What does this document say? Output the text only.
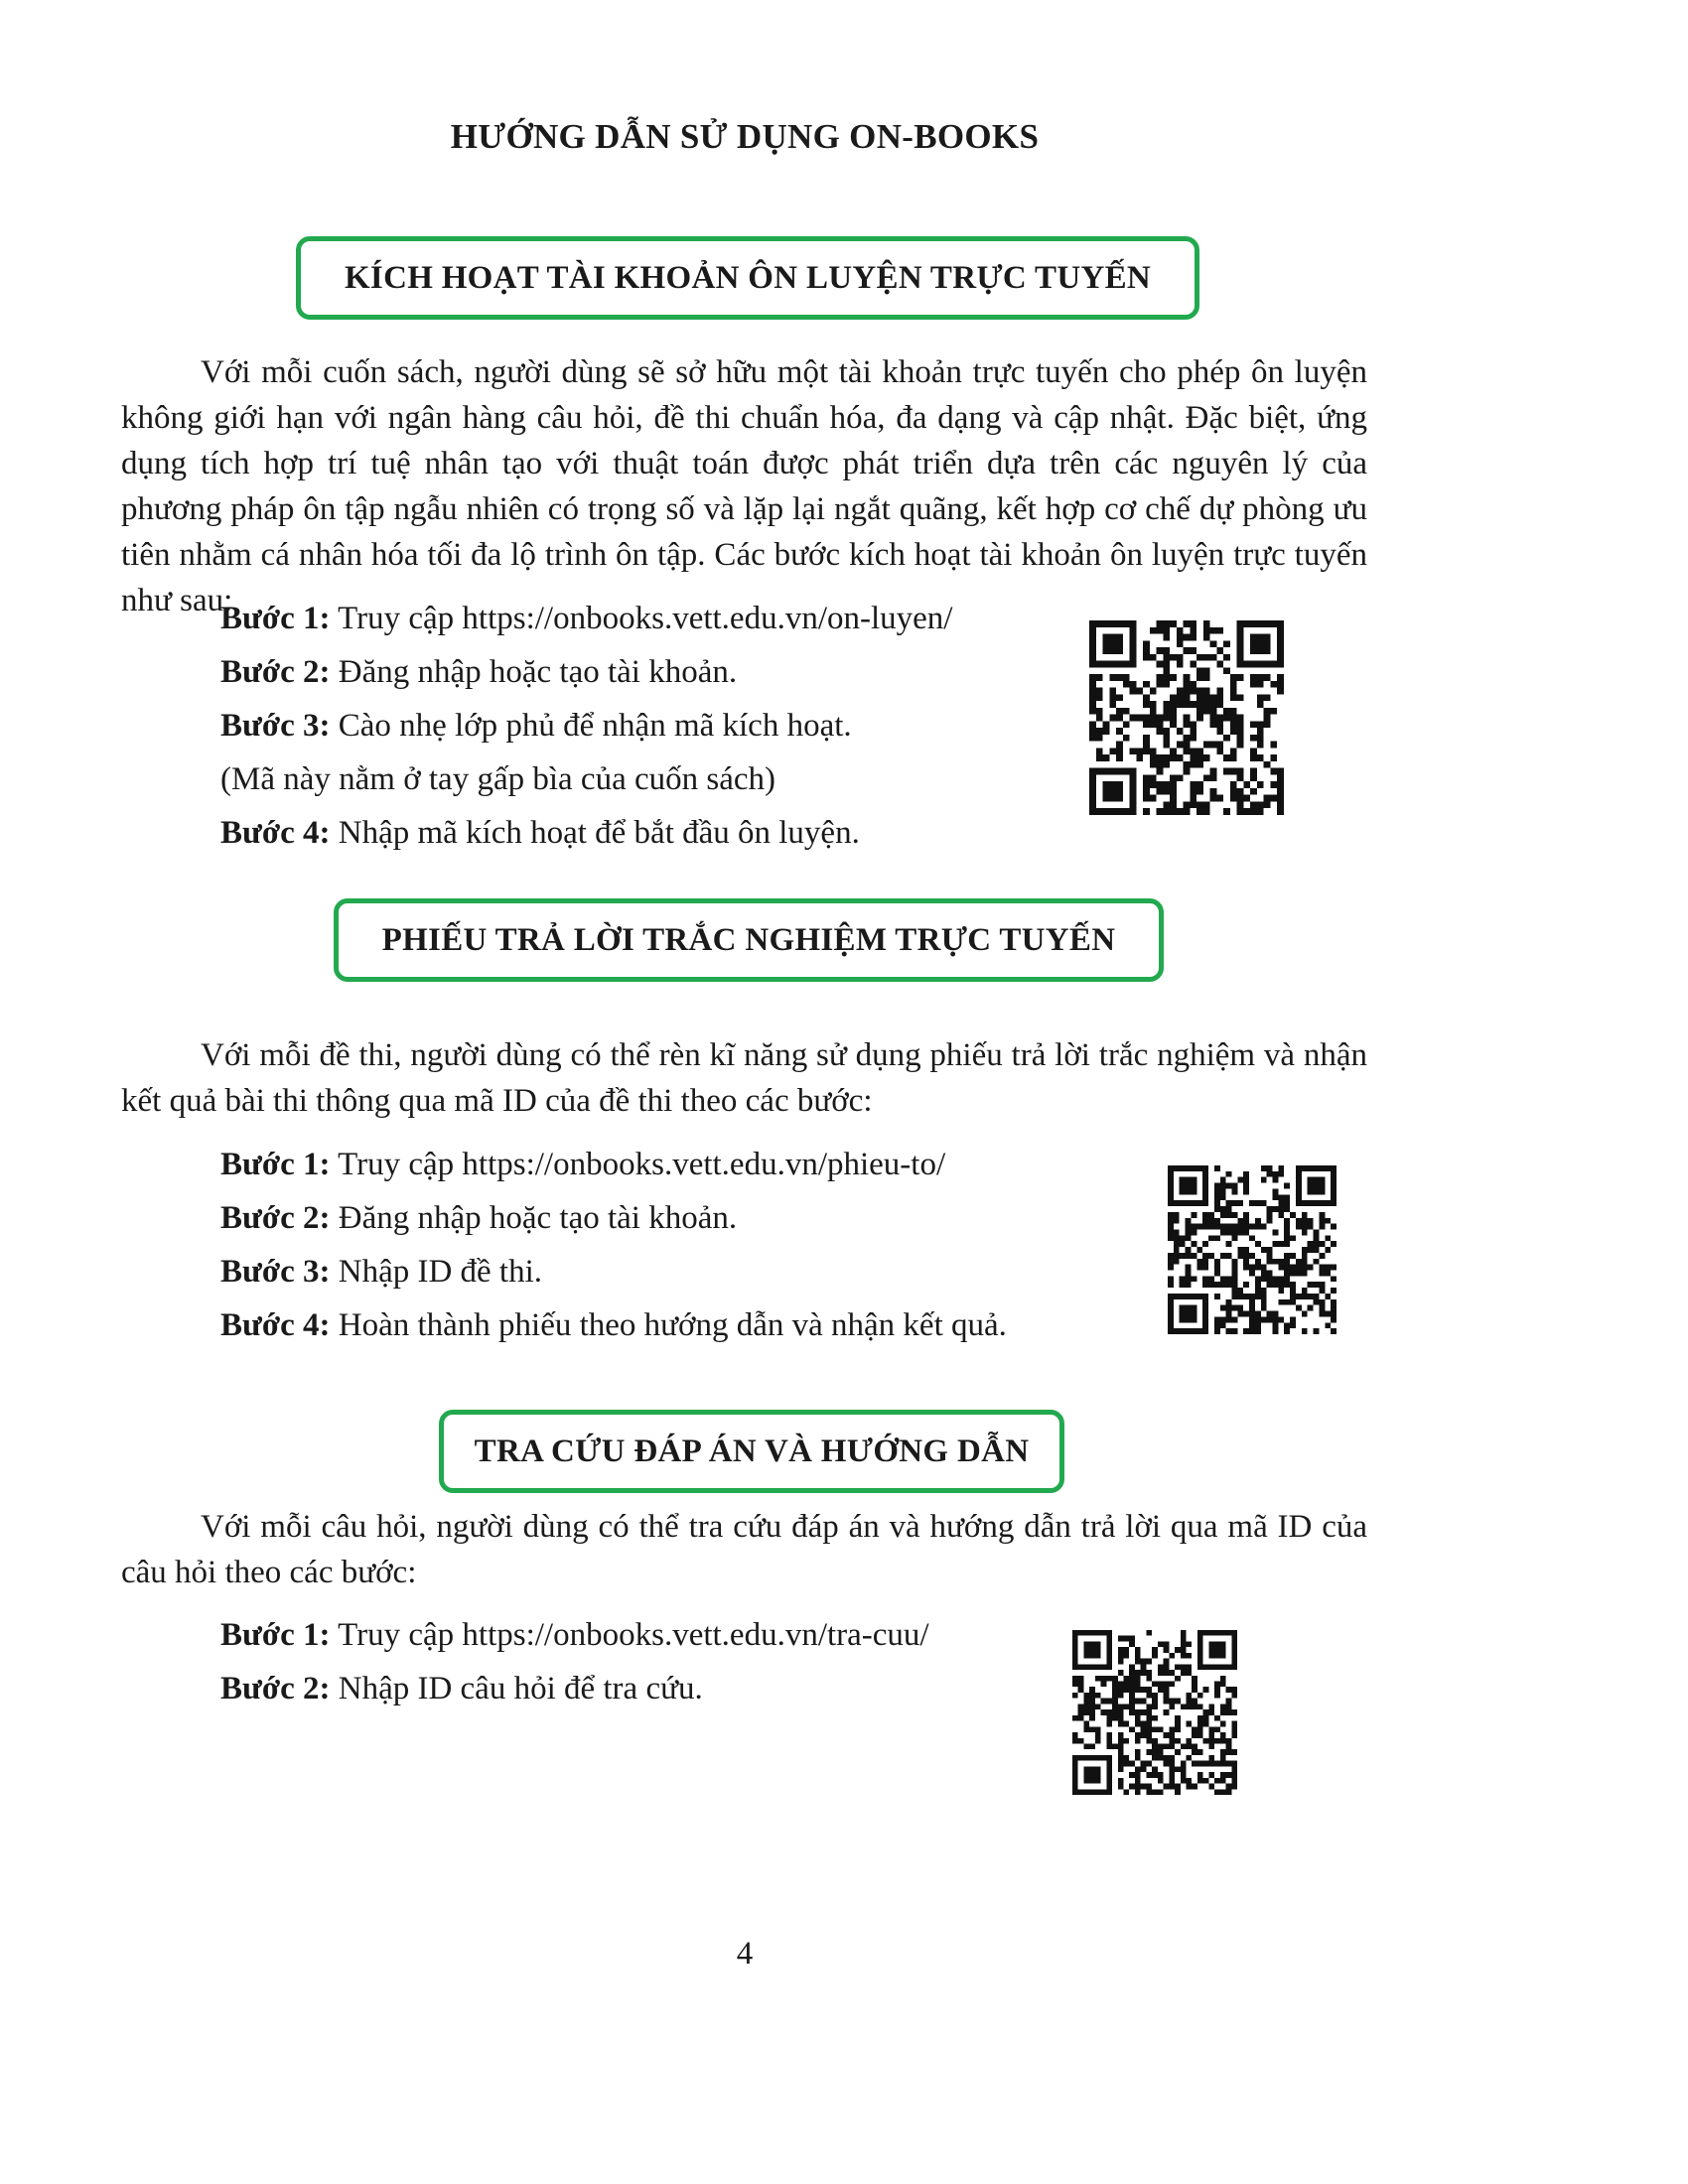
HƯỚNG DẪN SỬ DỤNG ON-BOOKS
KÍCH HOẠT TÀI KHOẢN ÔN LUYỆN TRỰC TUYẾN

Với mỗi cuốn sách, người dùng sẽ sở hữu một tài khoản trực tuyến cho phép ôn luyện không giới hạn với ngân hàng câu hỏi, đề thi chuẩn hóa, đa dạng và cập nhật. Đặc biệt, ứng dụng tích hợp trí tuệ nhân tạo với thuật toán được phát triển dựa trên các nguyên lý của phương pháp ôn tập ngẫu nhiên có trọng số và lặp lại ngắt quãng, kết hợp cơ chế dự phòng ưu tiên nhằm cá nhân hóa tối đa lộ trình ôn tập. Các bước kích hoạt tài khoản ôn luyện trực tuyến như sau:

Bước 1: Truy cập https://onbooks.vett.edu.vn/on-luyen/
Bước 2: Đăng nhập hoặc tạo tài khoản.
Bước 3: Cào nhẹ lớp phủ để nhận mã kích hoạt.
(Mã này nằm ở tay gấp bìa của cuốn sách)
Bước 4: Nhập mã kích hoạt để bắt đầu ôn luyện.
PHIẾU TRẢ LỜI TRẮC NGHIỆM TRỰC TUYẾN

Với mỗi đề thi, người dùng có thể rèn kĩ năng sử dụng phiếu trả lời trắc nghiệm và nhận kết quả bài thi thông qua mã ID của đề thi theo các bước:

Bước 1: Truy cập https://onbooks.vett.edu.vn/phieu-to/
Bước 2: Đăng nhập hoặc tạo tài khoản.
Bước 3: Nhập ID đề thi.
Bước 4: Hoàn thành phiếu theo hướng dẫn và nhận kết quả.
TRA CỨU ĐÁP ÁN VÀ HƯỚNG DẪN

Với mỗi câu hỏi, người dùng có thể tra cứu đáp án và hướng dẫn trả lời qua mã ID của câu hỏi theo các bước:

Bước 1: Truy cập https://onbooks.vett.edu.vn/tra-cuu/
Bước 2: Nhập ID câu hỏi để tra cứu.
4
